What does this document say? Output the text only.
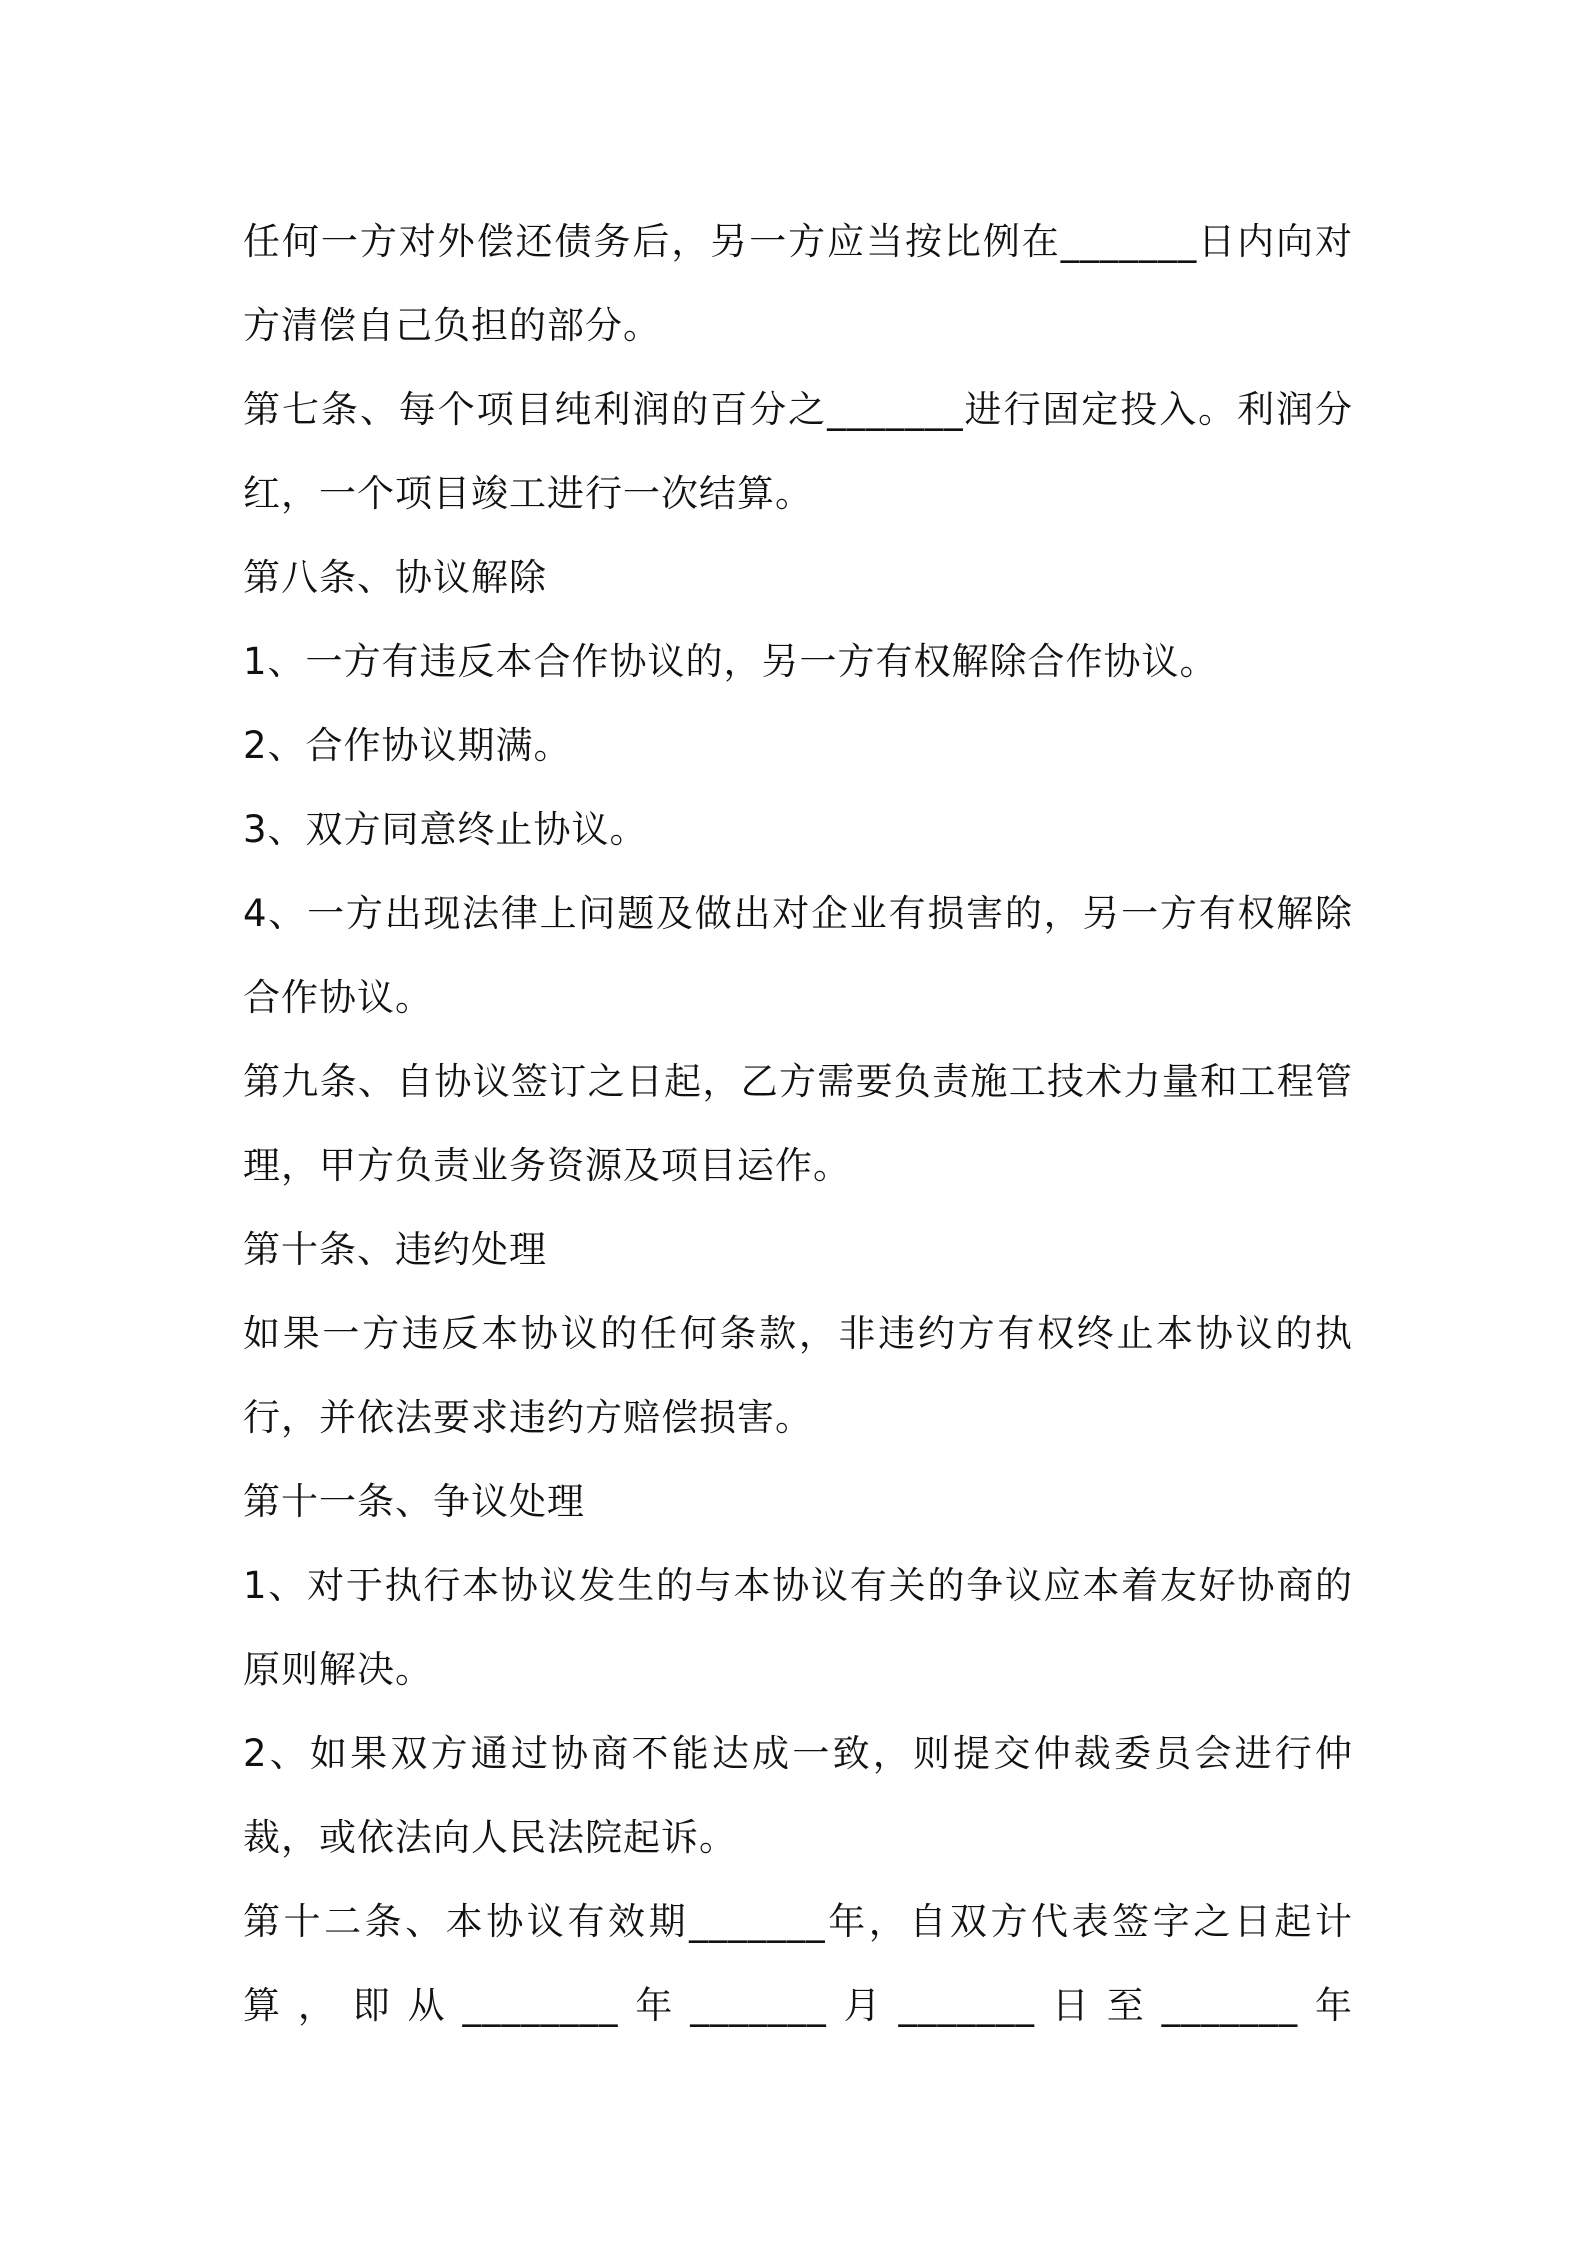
任何一方对外偿还债务后，另一方应当按比例在_______日内向对方清偿自己负担的部分。

第七条、每个项目纯利润的百分之_______进行固定投入。利润分红，一个项目竣工进行一次结算。

第八条、协议解除

1、一方有违反本合作协议的，另一方有权解除合作协议。

2、合作协议期满。

3、双方同意终止协议。

4、一方出现法律上问题及做出对企业有损害的，另一方有权解除合作协议。

第九条、自协议签订之日起，乙方需要负责施工技术力量和工程管理，甲方负责业务资源及项目运作。

第十条、违约处理

如果一方违反本协议的任何条款，非违约方有权终止本协议的执行，并依法要求违约方赔偿损害。

第十一条、争议处理

1、对于执行本协议发生的与本协议有关的争议应本着友好协商的原则解决。

2、如果双方通过协商不能达成一致，则提交仲裁委员会进行仲裁，或依法向人民法院起诉。

第十二条、本协议有效期_______年，自双方代表签字之日起计算，即从________年_______月_______日至_______年
